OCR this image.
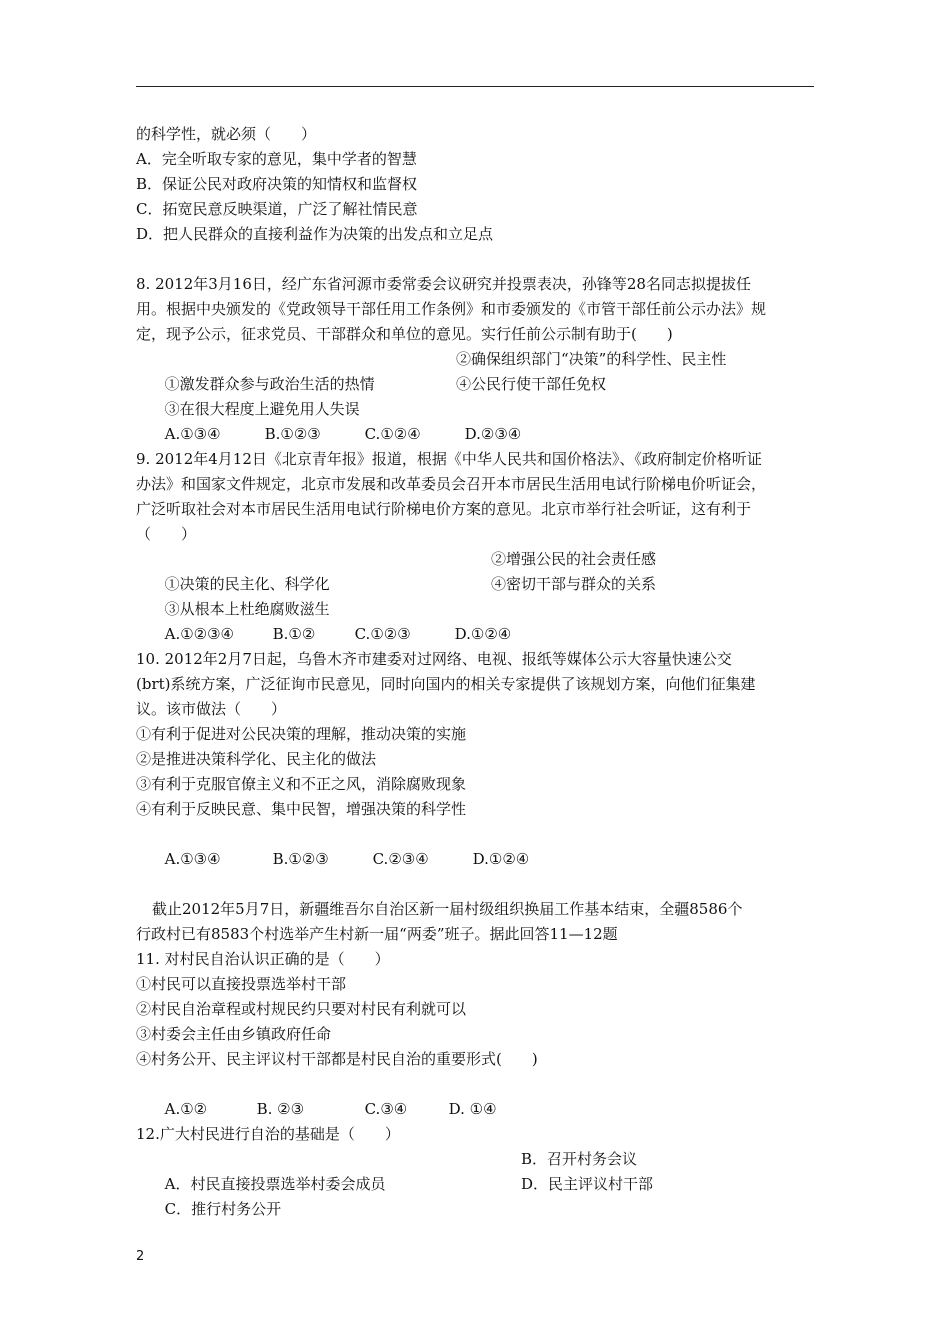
的科学性，就必须（　　）
A．完全听取专家的意见，集中学者的智慧
B．保证公民对政府决策的知情权和监督权
C．拓宽民意反映渠道，广泛了解社情民意
D．把人民群众的直接利益作为决策的出发点和立足点
8. 2012年3月16日，经广东省河源市委常委会议研究并投票表决，孙锋等28名同志拟提拔任
用。根据中央颁发的《党政领导干部任用工作条例》和市委颁发的《市管干部任前公示办法》规
定，现予公示，征求党员、干部群众和单位的意见。实行任前公示制有助于(　　)

①激发群众参与政治生活的热情

②确保组织部门“决策”的科学性、民主性

③在很大程度上避免用人失误

④公民行使干部任免权

A.①③④	B.①②③	C.①②④	D.②③④

9. 2012年4月12日《北京青年报》报道，根据《中华人民共和国价格法》、《政府制定价格听证
办法》和国家文件规定，北京市发展和改革委员会召开本市居民生活用电试行阶梯电价听证会，
广泛听取社会对本市居民生活用电试行阶梯电价方案的意见。北京市举行社会听证，这有利于
（　　）

①决策的民主化、科学化

②增强公民的社会责任感

③从根本上杜绝腐败滋生

④密切干部与群众的关系

A.①②③④	B.①②	C.①②③	D.①②④

10. 2012年2月7日起，乌鲁木齐市建委对过网络、电视、报纸等媒体公示大容量快速公交
(brt)系统方案，广泛征询市民意见，同时向国内的相关专家提供了该规划方案，向他们征集建
议。该市做法（　　）
①有利于促进对公民决策的理解，推动决策的实施
②是推进决策科学化、民主化的做法
③有利于克服官僚主义和不正之风，消除腐败现象
④有利于反映民意、集中民智，增强决策的科学性

A.①③④	B.①②③	C.②③④	D.①②④

截止2012年5月7日，新疆维吾尔自治区新一届村级组织换届工作基本结束，全疆8586个
行政村已有8583个村选举产生村新一届“两委”班子。据此回答11—12题
11. 对村民自治认识正确的是（　　）
①村民可以直接投票选举村干部
②村民自治章程或村规民约只要对村民有利就可以
③村委会主任由乡镇政府任命
④村务公开、民主评议村干部都是村民自治的重要形式(　　)

A.①②	B. ②③	C.③④	D. ①④

12.广大村民进行自治的基础是（　　）

A．村民直接投票选举村委会成员

B．召开村务会议

C．推行村务公开

D．民主评议村干部

2
